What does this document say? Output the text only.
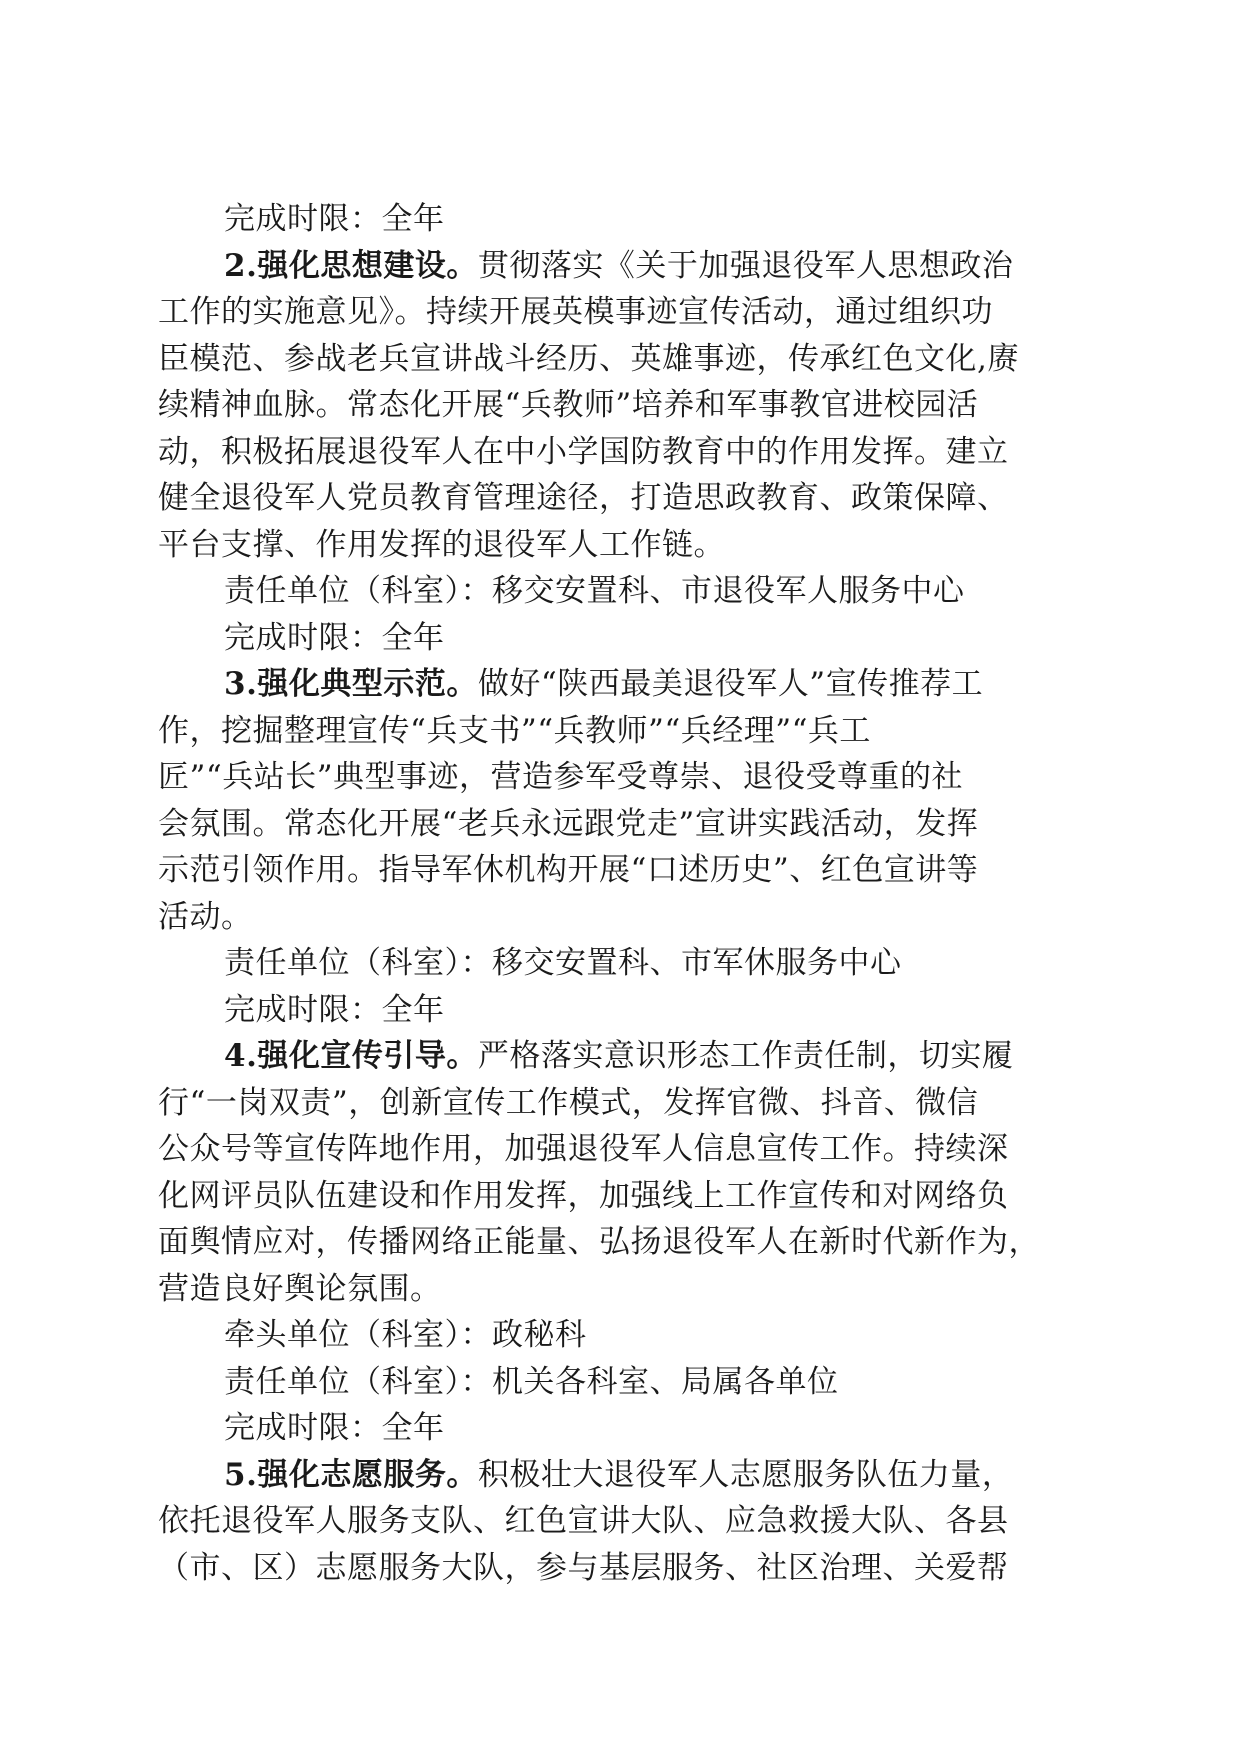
完成时限：全年
2.强化思想建设。贯彻落实《关于加强退役军人思想政治
工作的实施意见》。持续开展英模事迹宣传活动，通过组织功
臣模范、参战老兵宣讲战斗经历、英雄事迹，传承红色文化,赓
续精神血脉。常态化开展“兵教师”培养和军事教官进校园活
动，积极拓展退役军人在中小学国防教育中的作用发挥。建立
健全退役军人党员教育管理途径，打造思政教育、政策保障、
平台支撑、作用发挥的退役军人工作链。
责任单位（科室）：移交安置科、市退役军人服务中心
完成时限：全年
3.强化典型示范。做好“陕西最美退役军人”宣传推荐工
作，挖掘整理宣传“兵支书”“兵教师”“兵经理”“兵工
匠”“兵站长”典型事迹，营造参军受尊崇、退役受尊重的社
会氛围。常态化开展“老兵永远跟党走”宣讲实践活动，发挥
示范引领作用。指导军休机构开展“口述历史”、红色宣讲等
活动。
责任单位（科室）：移交安置科、市军休服务中心
完成时限：全年
4.强化宣传引导。严格落实意识形态工作责任制，切实履
行“一岗双责”，创新宣传工作模式，发挥官微、抖音、微信
公众号等宣传阵地作用，加强退役军人信息宣传工作。持续深
化网评员队伍建设和作用发挥，加强线上工作宣传和对网络负
面舆情应对，传播网络正能量、弘扬退役军人在新时代新作为，
营造良好舆论氛围。
牵头单位（科室）：政秘科
责任单位（科室）：机关各科室、局属各单位
完成时限：全年
5.强化志愿服务。积极壮大退役军人志愿服务队伍力量，
依托退役军人服务支队、红色宣讲大队、应急救援大队、各县
（市、区）志愿服务大队，参与基层服务、社区治理、关爱帮
